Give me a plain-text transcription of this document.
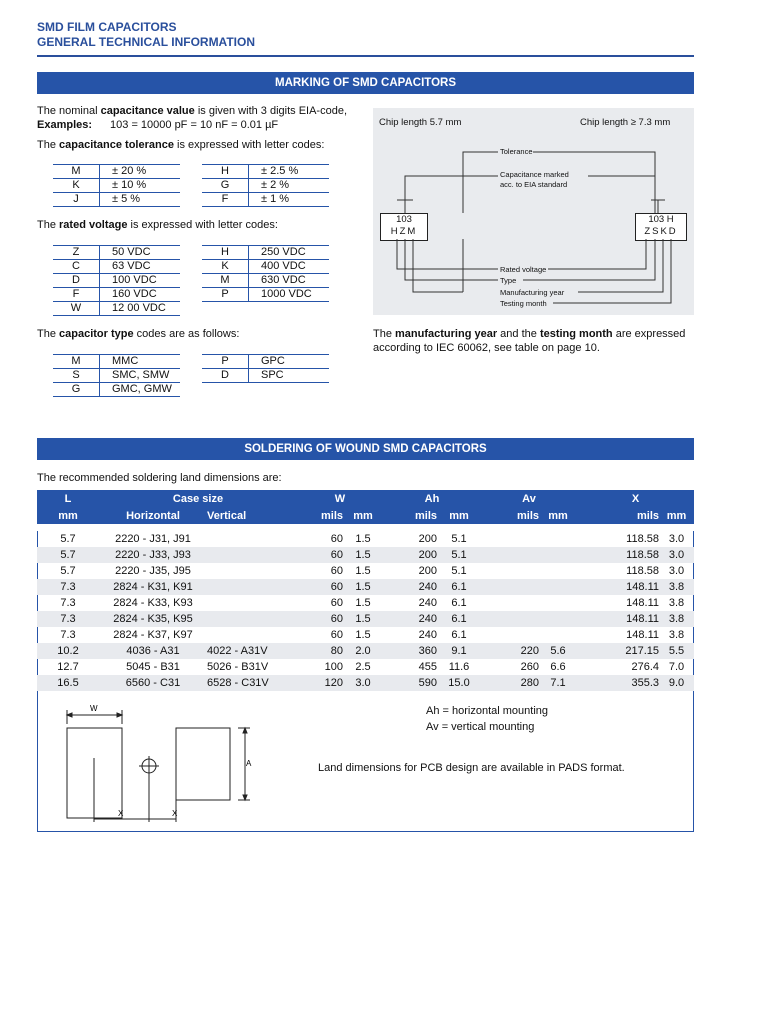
SMD FILM CAPACITORS
GENERAL TECHNICAL INFORMATION
MARKING OF SMD CAPACITORS
The nominal capacitance value is given with 3 digits EIA-code,
Examples: 103 = 10000 pF = 10 nF = 0.01 µF
The capacitance tolerance is expressed with letter codes:
M	± 20 %
K	± 10 %
J	± 5 %
H	± 2.5 %
G	± 2 %
F	± 1 %
The rated voltage is expressed with letter codes:
Z	50 VDC
C	63 VDC
D	100 VDC
F	160 VDC
W	12 00 VDC
H	250 VDC
K	400 VDC
M	630 VDC
P	1000 VDC
The capacitor type codes are as follows:
M	MMC
S	SMC, SMW
G	GMC, GMW
P	GPC
D	SPC
Chip length 5.7 mm	Chip length ≥ 7.3 mm
Tolerance
Capacitance marked
acc. to EIA standard
103
HZM
103 H
ZSKD
Rated voltage
Type
Manufacturing year
Testing month
The manufacturing year and the testing month are expressed
according to IEC 60062, see table on page 10.
SOLDERING OF WOUND SMD CAPACITORS
The recommended soldering land dimensions are:
L	Case size		W		Ah		Av		X	
mm	Horizontal	Vertical	mils	mm	mils	mm	mils	mm	mils	mm

5.7	2220 - J31, J91		60	1.5	200	5.1			118.58	3.0
5.7	2220 - J33, J93		60	1.5	200	5.1			118.58	3.0
5.7	2220 - J35, J95		60	1.5	200	5.1			118.58	3.0
7.3	2824 - K31, K91		60	1.5	240	6.1			148.11	3.8
7.3	2824 - K33, K93		60	1.5	240	6.1			148.11	3.8
7.3	2824 - K35, K95		60	1.5	240	6.1			148.11	3.8
7.3	2824 - K37, K97		60	1.5	240	6.1			148.11	3.8
10.2	4036 - A31	4022 - A31V	80	2.0	360	9.1	220	5.6	217.15	5.5
12.7	5045 - B31	5026 - B31V	100	2.5	455	11.6	260	6.6	276.4	7.0
16.5	6560 - C31	6528 - C31V	120	3.0	590	15.0	280	7.1	355.3	9.0
W
A
X	X
Ah = horizontal mounting
Av = vertical mounting
Land dimensions for PCB design are available in PADS format.
